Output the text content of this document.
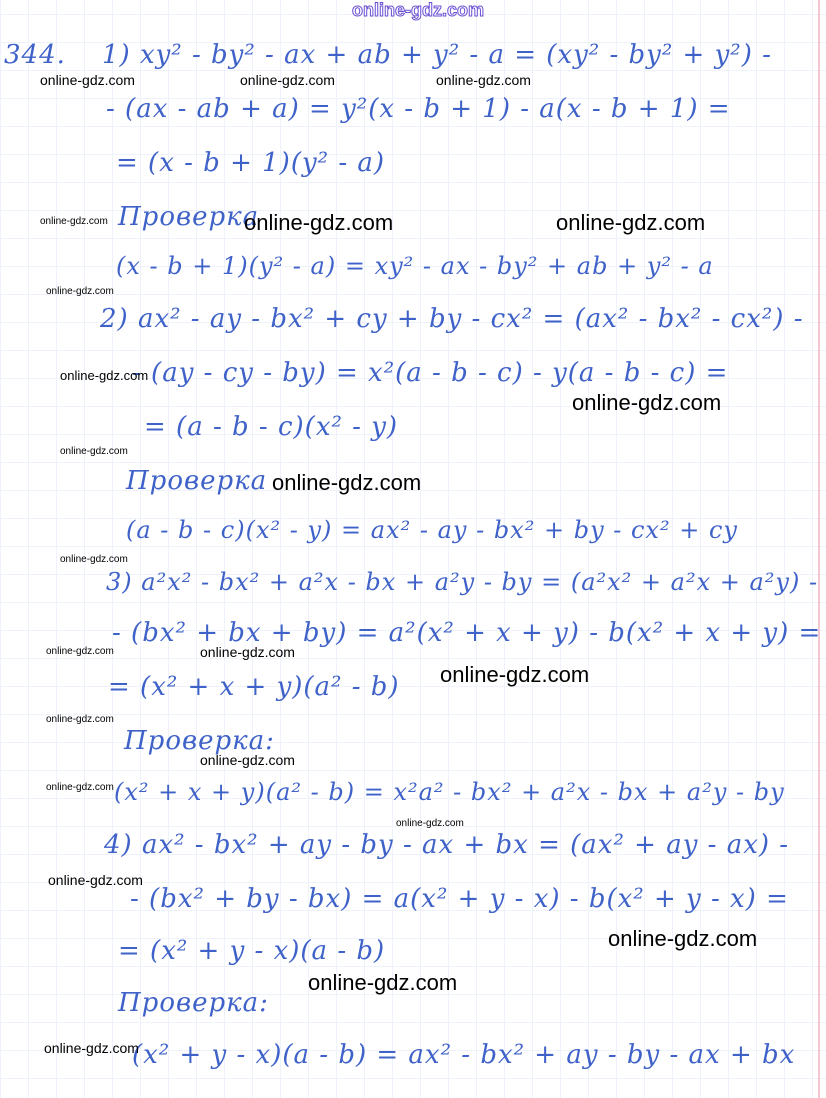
online-gdz.com
344. 1) xy² - by² - ax + ab + y² - a = (xy² - by² + y²) -
- (ax - ab + a) = y²(x - b + 1) - a(x - b + 1) =
= (x - b + 1)(y² - a)
Проверка
(x - b + 1)(y² - a) = xy² - ax - by² + ab + y² - a
2) ax² - ay - bx² + cy + by - cx² = (ax² - bx² - cx²) -
- (ay - cy - by) = x²(a - b - c) - y(a - b - c) =
= (a - b - c)(x² - y)
Проверка
(a - b - c)(x² - y) = ax² - ay - bx² + by - cx² + cy
3) a²x² - bx² + a²x - bx + a²y - by = (a²x² + a²x + a²y) -
- (bx² + bx + by) = a²(x² + x + y) - b(x² + x + y) =
= (x² + x + y)(a² - b)
Проверка:
(x² + x + y)(a² - b) = x²a² - bx² + a²x - bx + a²y - by
4) ax² - bx² + ay - by - ax + bx = (ax² + ay - ax) -
- (bx² + by - bx) = a(x² + y - x) - b(x² + y - x) =
= (x² + y - x)(a - b)
Проверка:
(x² + y - x)(a - b) = ax² - bx² + ay - by - ax + bx
online-gdz.com	online-gdz.com	online-gdz.com
online-gdz.com	online-gdz.com	online-gdz.com
online-gdz.com
online-gdz.com
online-gdz.com
online-gdz.com
online-gdz.com
online-gdz.com
online-gdz.com	online-gdz.com
online-gdz.com
online-gdz.com
online-gdz.com
online-gdz.com
online-gdz.com
online-gdz.com
online-gdz.com
online-gdz.com
online-gdz.com
